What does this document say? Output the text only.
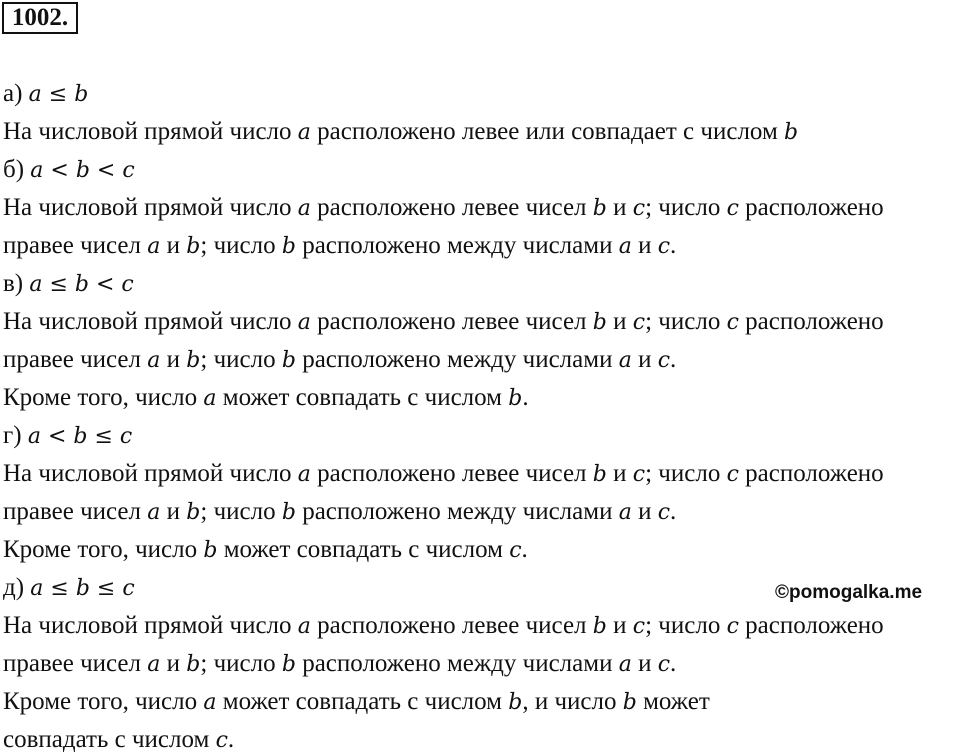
1002.
а) a ≤ b
На числовой прямой число a расположено левее или совпадает с числом b
б) a < b < c
На числовой прямой число a расположено левее чисел b и c; число c расположено
правее чисел a и b; число b расположено между числами a и c.
в) a ≤ b < c
На числовой прямой число a расположено левее чисел b и c; число c расположено
правее чисел a и b; число b расположено между числами a и c.
Кроме того, число a может совпадать с числом b.
г) a < b ≤ c
На числовой прямой число a расположено левее чисел b и c; число c расположено
правее чисел a и b; число b расположено между числами a и c.
Кроме того, число b может совпадать с числом c.
д) a ≤ b ≤ c
На числовой прямой число a расположено левее чисел b и c; число c расположено
правее чисел a и b; число b расположено между числами a и c.
Кроме того, число a может совпадать с числом b, и число b может
совпадать с числом c.
©pomogalka.me
